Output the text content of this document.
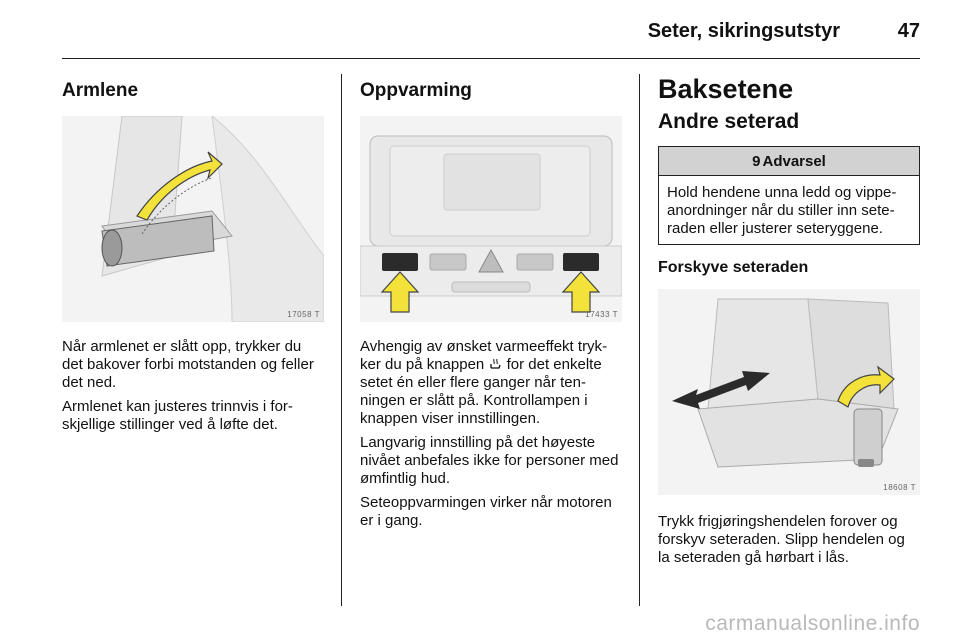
Seter, sikringsutstyr	47
Armlene
17058 T

Når armlenet er slått opp, trykker du det bakover forbi motstanden og feller det ned.

Armlenet kan justeres trinnvis i forskjellige stillinger ved å løfte det.

Oppvarming
17433 T

Avhengig av ønsket varmeeffekt trykker du på knappen  for det enkelte setet én eller flere ganger når tenningen er slått på. Kontrollampen i knappen viser innstillingen.

Langvarig innstilling på det høyeste nivået anbefales ikke for personer med ømfintlig hud.

Seteoppvarmingen virker når motoren er i gang.

Baksetene
Andre seterad
9 Advarsel
Hold hendene unna ledd og vippeanordninger når du stiller inn seteraden eller justerer seteryggene.
Forskyve seteraden
18608 T

Trykk frigjøringshendelen forover og forskyv seteraden. Slipp hendelen og la seteraden gå hørbart i lås.

carmanualsonline.info
